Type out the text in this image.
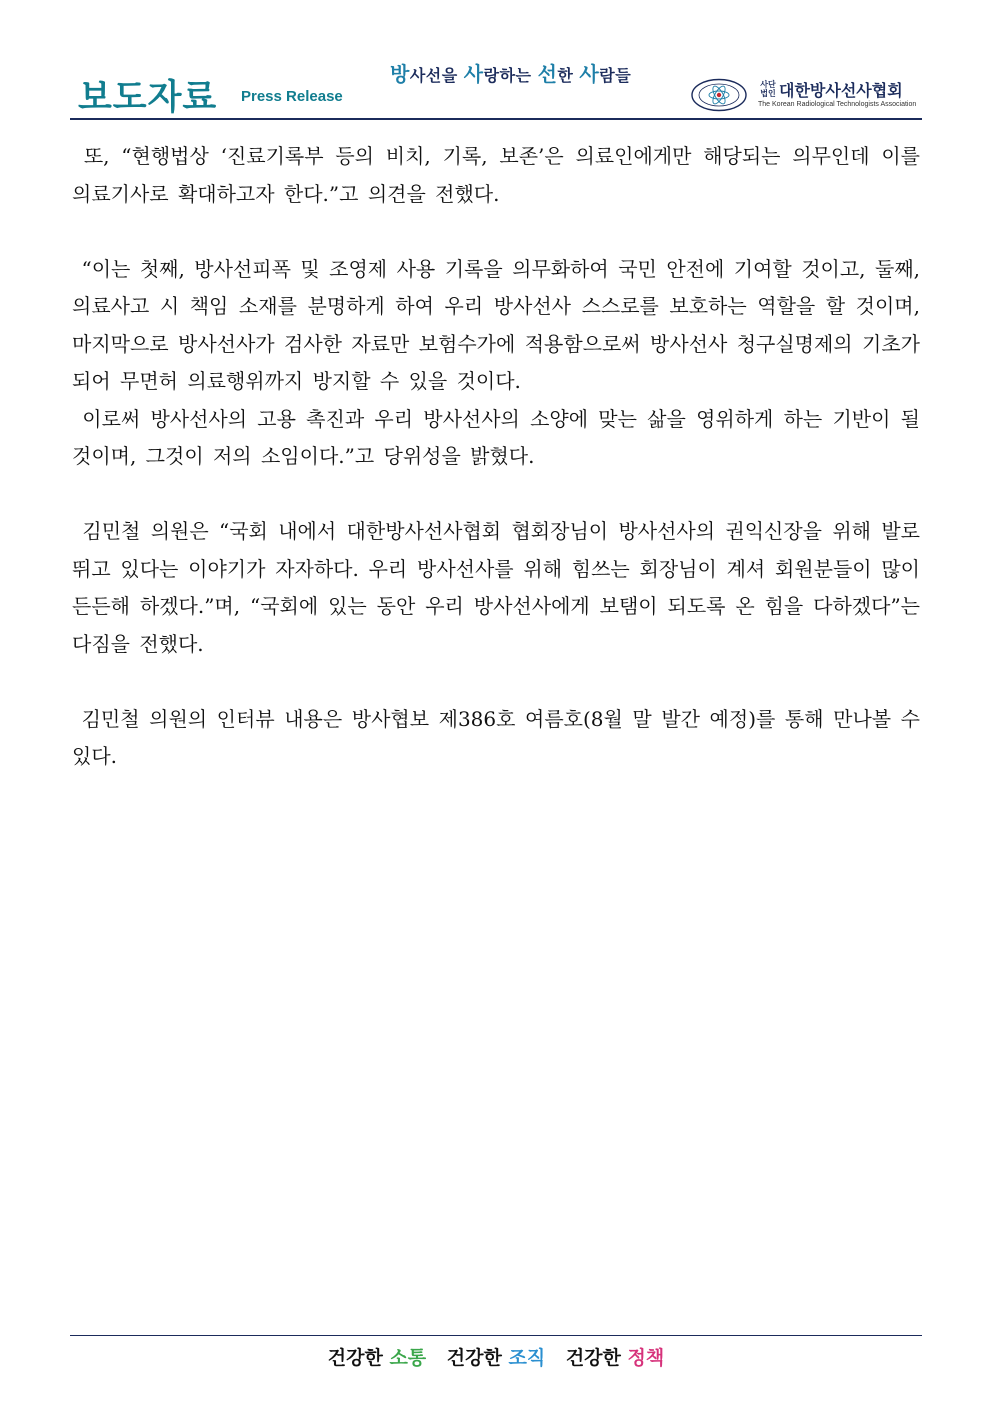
보도자료 Press Release
방사선을 사랑하는 선한 사람들	사단
법인 대한방사선사협회
The Korean Radiological Technologists Association

또, “현행법상 ‘진료기록부 등의 비치, 기록, 보존’은 의료인에게만 해당되는 의무인데 이를 의료기사로 확대하고자 한다.”고 의견을 전했다.

“이는 첫째, 방사선피폭 및 조영제 사용 기록을 의무화하여 국민 안전에 기여할 것이고, 둘째, 의료사고 시 책임 소재를 분명하게 하여 우리 방사선사 스스로를 보호하는 역할을 할 것이며, 마지막으로 방사선사가 검사한 자료만 보험수가에 적용함으로써 방사선사 청구실명제의 기초가 되어 무면허 의료행위까지 방지할 수 있을 것이다.

이로써 방사선사의 고용 촉진과 우리 방사선사의 소양에 맞는 삶을 영위하게 하는 기반이 될 것이며, 그것이 저의 소임이다.”고 당위성을 밝혔다.

김민철 의원은 “국회 내에서 대한방사선사협회 협회장님이 방사선사의 권익신장을 위해 발로 뛰고 있다는 이야기가 자자하다. 우리 방사선사를 위해 힘쓰는 회장님이 계셔 회원분들이 많이 든든해 하겠다.”며, “국회에 있는 동안 우리 방사선사에게 보탬이 되도록 온 힘을 다하겠다”는 다짐을 전했다.

김민철 의원의 인터뷰 내용은 방사협보 제386호 여름호(8월 말 발간 예정)를 통해 만나볼 수 있다.

건강한 소통 건강한 조직 건강한 정책
